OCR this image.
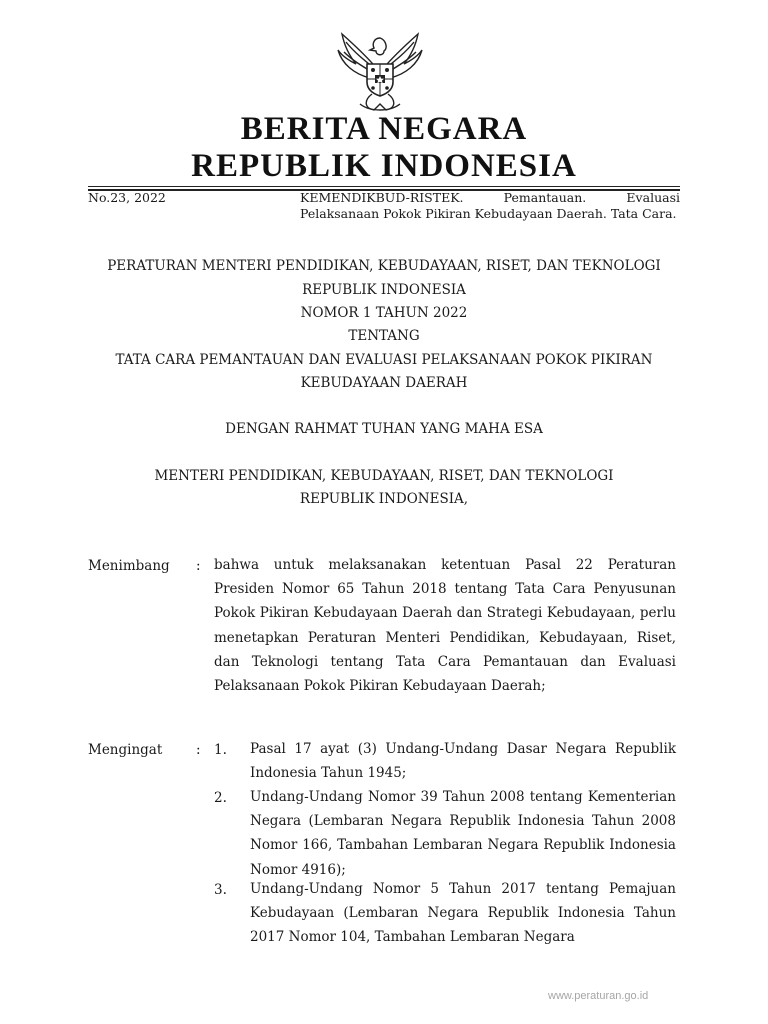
BERITA NEGARA
REPUBLIK INDONESIA
No.23, 2022	KEMENDIKBUD-RISTEK. Pemantauan. Evaluasi Pelaksanaan Pokok Pikiran Kebudayaan Daerah. Tata Cara.
PERATURAN MENTERI PENDIDIKAN, KEBUDAYAAN, RISET, DAN TEKNOLOGI
REPUBLIK INDONESIA
NOMOR 1 TAHUN 2022
TENTANG
TATA CARA PEMANTAUAN DAN EVALUASI PELAKSANAAN POKOK PIKIRAN
KEBUDAYAAN DAERAH
DENGAN RAHMAT TUHAN YANG MAHA ESA
MENTERI PENDIDIKAN, KEBUDAYAAN, RISET, DAN TEKNOLOGI
REPUBLIK INDONESIA,
Menimbang : bahwa untuk melaksanakan ketentuan Pasal 22 Peraturan Presiden Nomor 65 Tahun 2018 tentang Tata Cara Penyusunan Pokok Pikiran Kebudayaan Daerah dan Strategi Kebudayaan, perlu menetapkan Peraturan Menteri Pendidikan, Kebudayaan, Riset, dan Teknologi tentang Tata Cara Pemantauan dan Evaluasi Pelaksanaan Pokok Pikiran Kebudayaan Daerah;
Mengingat : 1. Pasal 17 ayat (3) Undang-Undang Dasar Negara Republik Indonesia Tahun 1945;
2. Undang-Undang Nomor 39 Tahun 2008 tentang Kementerian Negara (Lembaran Negara Republik Indonesia Tahun 2008 Nomor 166, Tambahan Lembaran Negara Republik Indonesia Nomor 4916);
3. Undang-Undang Nomor 5 Tahun 2017 tentang Pemajuan Kebudayaan (Lembaran Negara Republik Indonesia Tahun 2017 Nomor 104, Tambahan Lembaran Negara
www.peraturan.go.id
